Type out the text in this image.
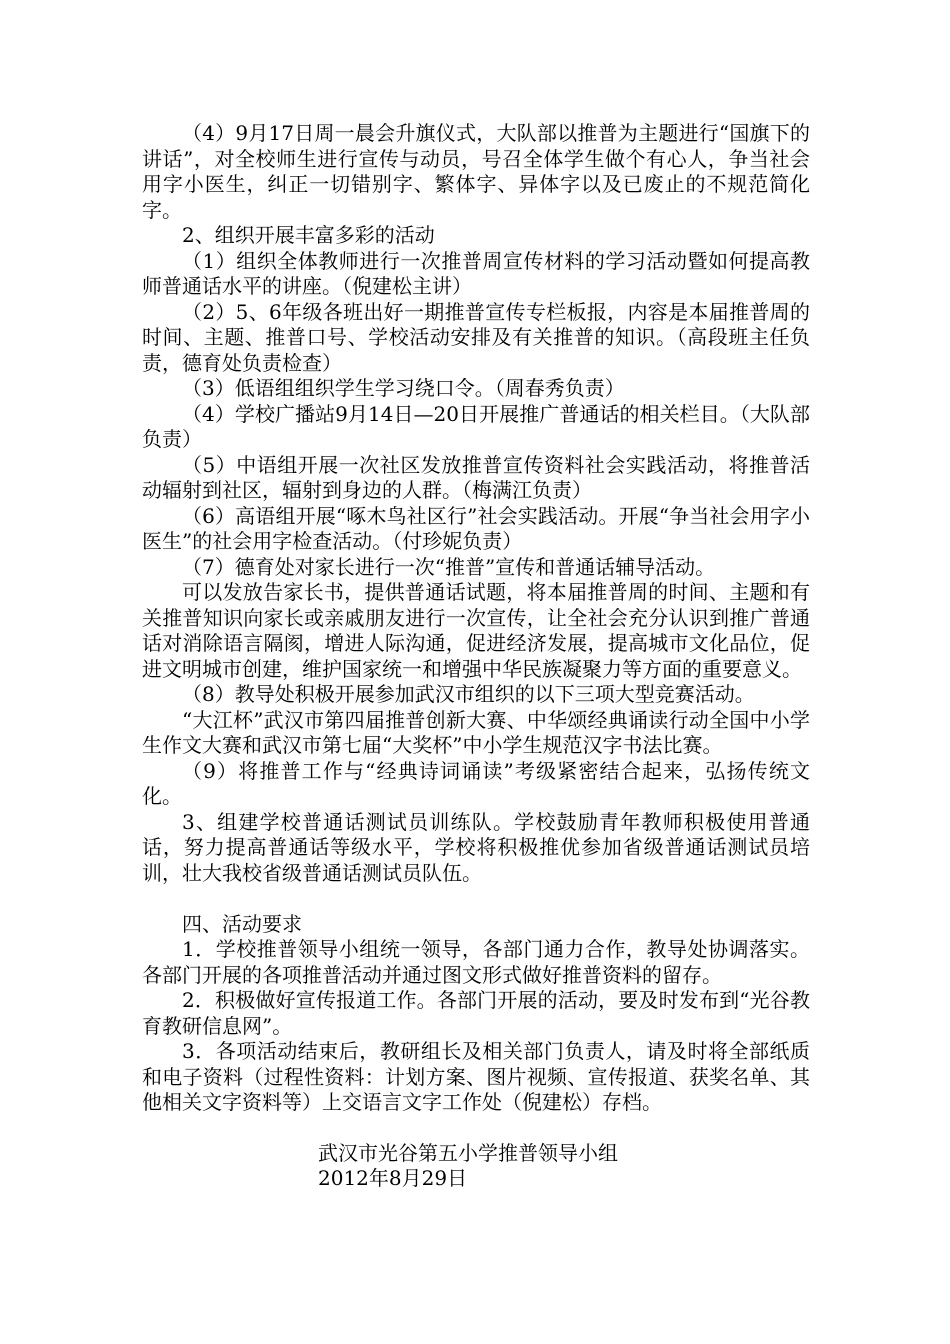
（4）9月17日周一晨会升旗仪式，大队部以推普为主题进行“国旗下的讲话”，对全校师生进行宣传与动员，号召全体学生做个有心人，争当社会用字小医生，纠正一切错别字、繁体字、异体字以及已废止的不规范简化字。

2、组织开展丰富多彩的活动

（1）组织全体教师进行一次推普周宣传材料的学习活动暨如何提高教师普通话水平的讲座。（倪建松主讲）

（2）5、6年级各班出好一期推普宣传专栏板报，内容是本届推普周的时间、主题、推普口号、学校活动安排及有关推普的知识。（高段班主任负责，德育处负责检查）

（3）低语组组织学生学习绕口令。（周春秀负责）

（4）学校广播站9月14日—20日开展推广普通话的相关栏目。（大队部负责）

（5）中语组开展一次社区发放推普宣传资料社会实践活动，将推普活动辐射到社区，辐射到身边的人群。（梅满江负责）

（6）高语组开展“啄木鸟社区行”社会实践活动。开展“争当社会用字小医生”的社会用字检查活动。（付珍妮负责）

（7）德育处对家长进行一次“推普”宣传和普通话辅导活动。

可以发放告家长书，提供普通话试题，将本届推普周的时间、主题和有关推普知识向家长或亲戚朋友进行一次宣传，让全社会充分认识到推广普通话对消除语言隔阂，增进人际沟通，促进经济发展，提高城市文化品位，促进文明城市创建，维护国家统一和增强中华民族凝聚力等方面的重要意义。

（8）教导处积极开展参加武汉市组织的以下三项大型竞赛活动。

“大江杯”武汉市第四届推普创新大赛、中华颂经典诵读行动全国中小学生作文大赛和武汉市第七届“大奖杯”中小学生规范汉字书法比赛。

（9）将推普工作与“经典诗词诵读”考级紧密结合起来，弘扬传统文化。

3、组建学校普通话测试员训练队。学校鼓励青年教师积极使用普通话，努力提高普通话等级水平，学校将积极推优参加省级普通话测试员培训，壮大我校省级普通话测试员队伍。

四、活动要求

1．学校推普领导小组统一领导，各部门通力合作，教导处协调落实。各部门开展的各项推普活动并通过图文形式做好推普资料的留存。

2．积极做好宣传报道工作。各部门开展的活动，要及时发布到“光谷教育教研信息网”。

3．各项活动结束后，教研组长及相关部门负责人，请及时将全部纸质和电子资料（过程性资料：计划方案、图片视频、宣传报道、获奖名单、其他相关文字资料等）上交语言文字工作处（倪建松）存档。

武汉市光谷第五小学推普领导小组
2012年8月29日
